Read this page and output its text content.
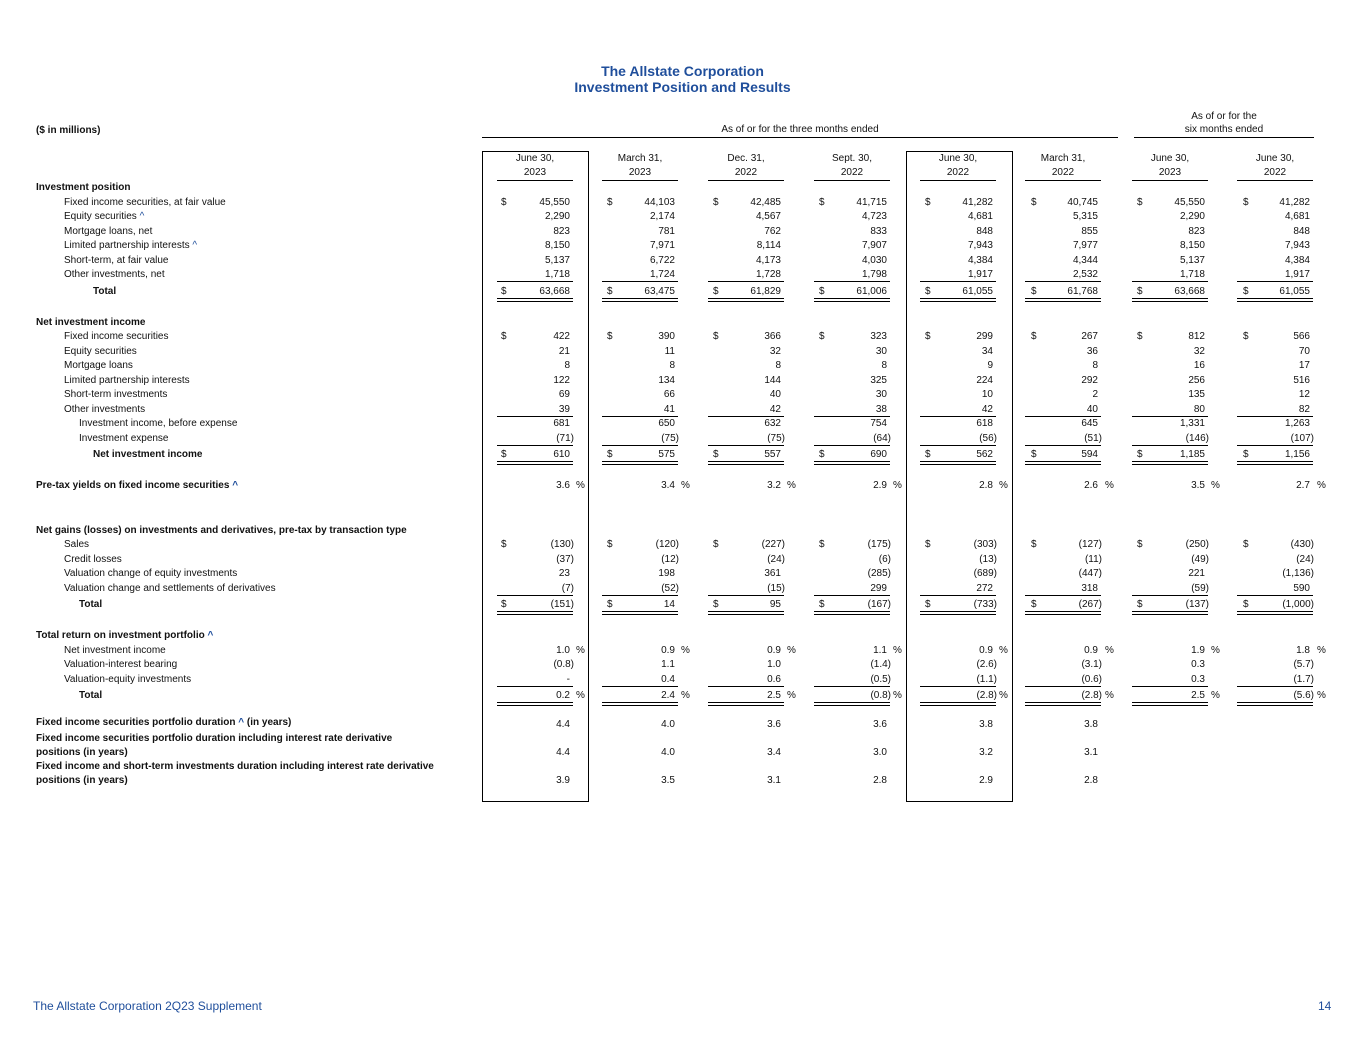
The Allstate Corporation
Investment Position and Results
($ in millions)	As of or for the three months ended
As of or for the
six months ended
June 30,
2023
March 31,
2023
Dec. 31,
2022
Sept. 30,
2022
June 30,
2022
March 31,
2022
June 30,
2023
June 30,
2022
Investment position
Fixed income securities, at fair value	$	45,550	$	44,103	$	42,485	$	41,715	$	41,282	$	40,745	$	45,550	$	41,282
Equity securities ^	2,290	2,174	4,567	4,723	4,681	5,315	2,290	4,681
Mortgage loans, net	823	781	762	833	848	855	823	848
Limited partnership interests ^	8,150	7,971	8,114	7,907	7,943	7,977	8,150	7,943
Short-term, at fair value	5,137	6,722	4,173	4,030	4,384	4,344	5,137	4,384
Other investments, net	1,718	1,724	1,728	1,798	1,917	2,532	1,718	1,917
Total	$	63,668	$	63,475	$	61,829	$	61,006	$	61,055	$	61,768	$	63,668	$	61,055
Net investment income
Fixed income securities	$	422	$	390	$	366	$	323	$	299	$	267	$	812	$	566
Equity securities	21	11	32	30	34	36	32	70
Mortgage loans	8	8	8	8	9	8	16	17
Limited partnership interests	122	134	144	325	224	292	256	516
Short-term investments	69	66	40	30	10	2	135	12
Other investments	39	41	42	38	42	40	80	82
Investment income, before expense	681	650	632	754	618	645	1,331	1,263
Investment expense	(71)	(75)	(75)	(64)	(56)	(51)	(146)	(107)
Net investment income	$	610	$	575	$	557	$	690	$	562	$	594	$	1,185	$	1,156
Pre-tax yields on fixed income securities ^	3.6 %	3.4 %	3.2 %	2.9 %	2.8 %	2.6 %	3.5 %	2.7 %
Net gains (losses) on investments and derivatives, pre-tax by transaction type
Sales	$	(130)	$	(120)	$	(227)	$	(175)	$	(303)	$	(127)	$	(250)	$	(430)
Credit losses	(37)	(12)	(24)	(6)	(13)	(11)	(49)	(24)
Valuation change of equity investments	23	198	361	(285)	(689)	(447)	221	(1,136)
Valuation change and settlements of derivatives	(7)	(52)	(15)	299	272	318	(59)	590
Total	$	(151)	$	14	$	95	$	(167)	$	(733)	$	(267)	$	(137)	$	(1,000)
Total return on investment portfolio ^
Net investment income	1.0 %	0.9 %	0.9 %	1.1 %	0.9 %	0.9 %	1.9 %	1.8 %
Valuation-interest bearing	(0.8)	1.1	1.0	(1.4)	(2.6)	(3.1)	0.3	(5.7)
Valuation-equity investments	-	0.4	0.6	(0.5)	(1.1)	(0.6)	0.3	(1.7)
Total	0.2 %	2.4 %	2.5 %	(0.8) %	(2.8) %	(2.8) %	2.5 %	(5.6) %
Fixed income securities portfolio duration ^ (in years)	4.4	4.0	3.6	3.6	3.8	3.8
Fixed income securities portfolio duration including interest rate derivative
positions (in years)	4.4	4.0	3.4	3.0	3.2	3.1
Fixed income and short-term investments duration including interest rate derivative
positions (in years)	3.9	3.5	3.1	2.8	2.9	2.8
The Allstate Corporation 2Q23 Supplement	14
